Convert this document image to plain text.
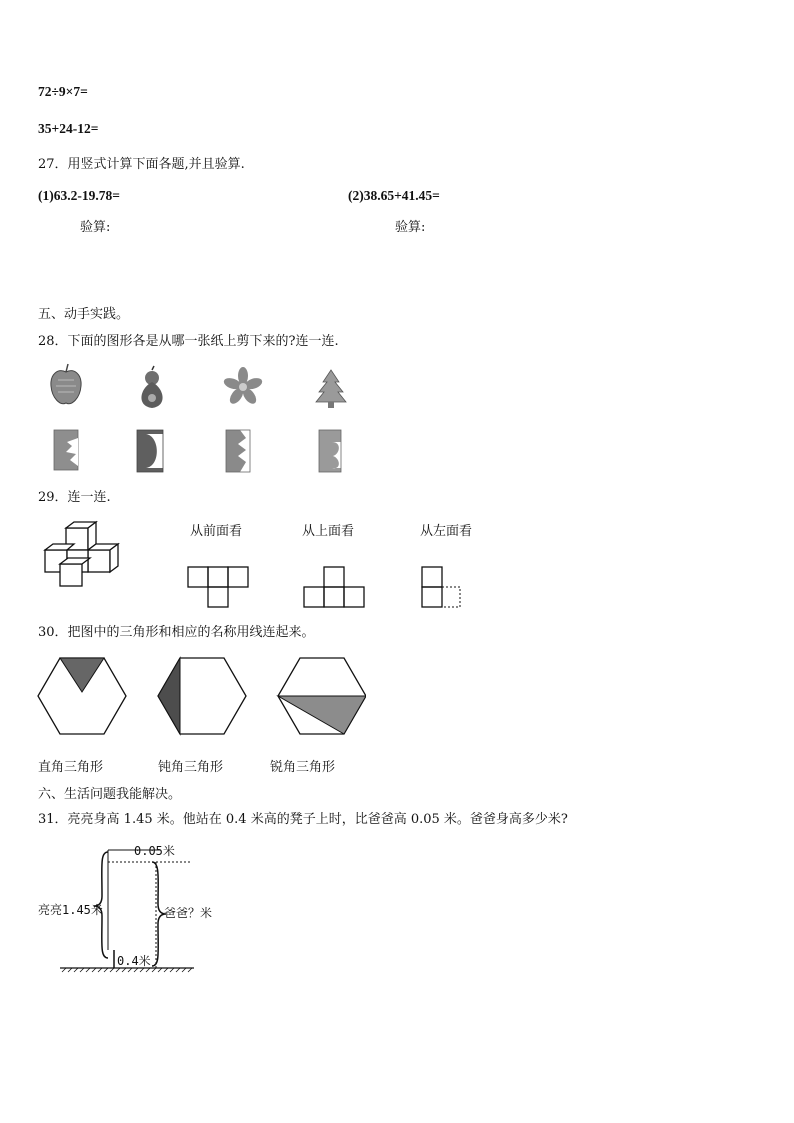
72÷9×7=
35+24-12=
27．用竖式计算下面各题,并且验算.
(1)63.2-19.78=	(2)38.65+41.45=
验算:	验算:
五、动手实践。
28．下面的图形各是从哪一张纸上剪下来的?连一连.
29．连一连.
从前面看	从上面看	从左面看
30．把图中的三角形和相应的名称用线连起来。
直角三角形	钝角三角形	锐角三角形
六、生活问题我能解决。
31．亮亮身高 1.45 米。他站在 0.4 米高的凳子上时，比爸爸高 0.05 米。爸爸身高多少米?
0.05米
亮亮1.45米	爸爸？米
0.4米
